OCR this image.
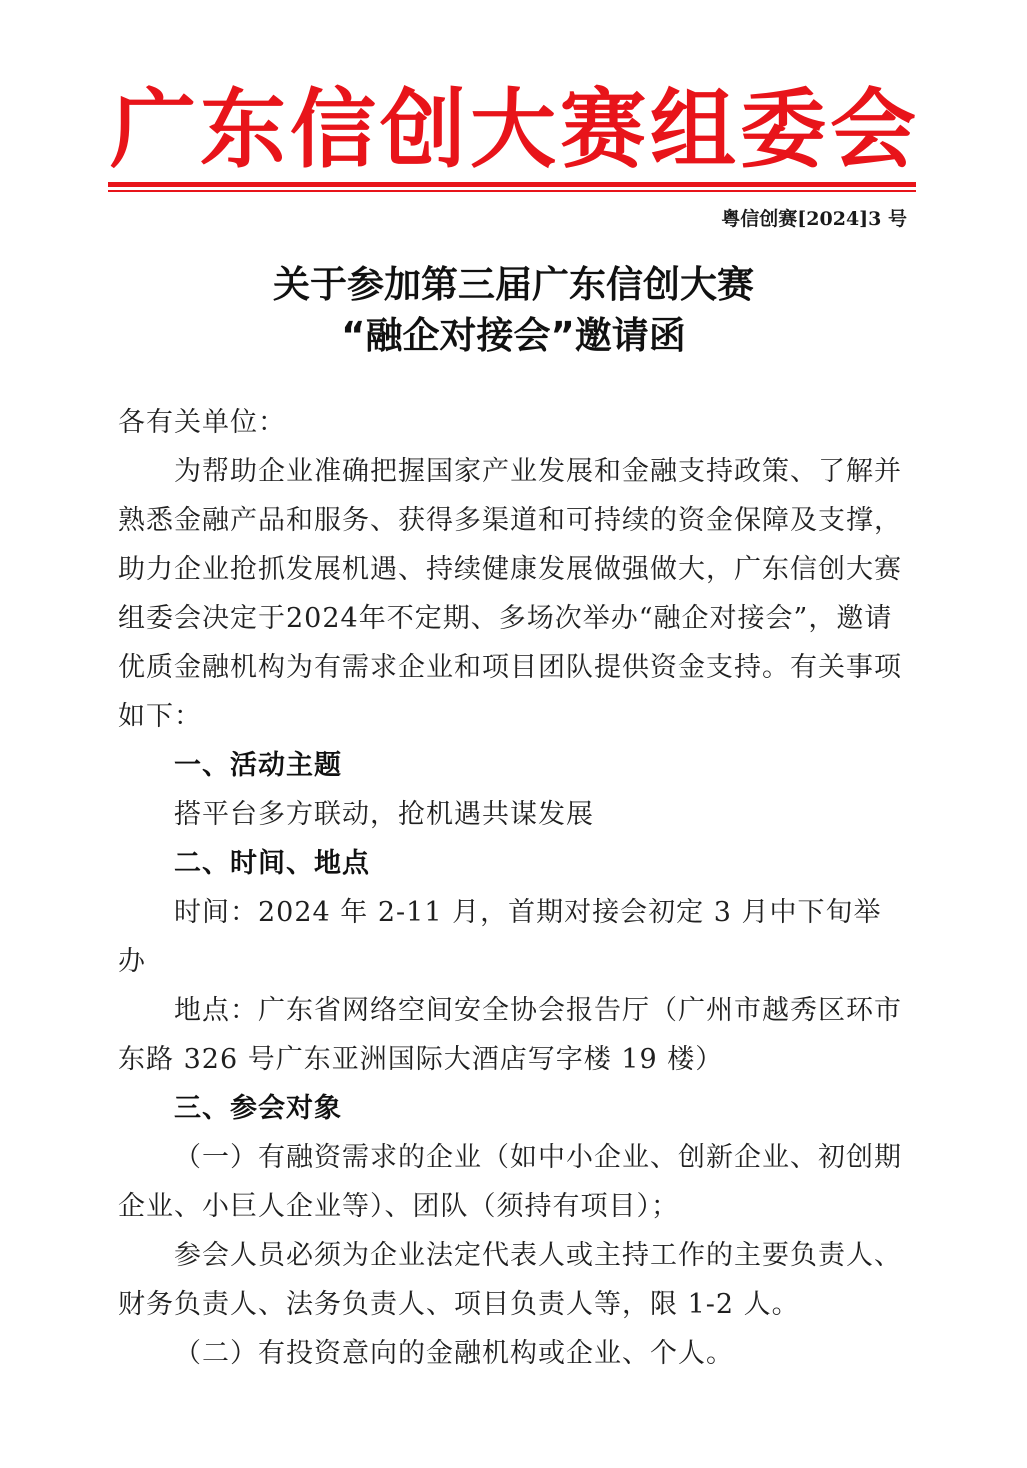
广 东 信 创 大 赛 组 委 会
粤信创赛[2024]3 号
关于参加第三届广东信创大赛
“融企对接会”邀请函

各有关单位：

为帮助企业准确把握国家产业发展和金融支持政策、了解并熟悉金融产品和服务、获得多渠道和可持续的资金保障及支撑，助力企业抢抓发展机遇、持续健康发展做强做大，广东信创大赛组委会决定于2024年不定期、多场次举办“融企对接会”，邀请优质金融机构为有需求企业和项目团队提供资金支持。有关事项如下：

一、活动主题

搭平台多方联动，抢机遇共谋发展

二、时间、地点

时间：2024 年 2-11 月，首期对接会初定 3 月中下旬举办

地点：广东省网络空间安全协会报告厅（广州市越秀区环市东路 326 号广东亚洲国际大酒店写字楼 19 楼）

三、参会对象

（一）有融资需求的企业（如中小企业、创新企业、初创期企业、小巨人企业等）、团队（须持有项目）；

参会人员必须为企业法定代表人或主持工作的主要负责人、财务负责人、法务负责人、项目负责人等，限 1-2 人。

（二）有投资意向的金融机构或企业、个人。
